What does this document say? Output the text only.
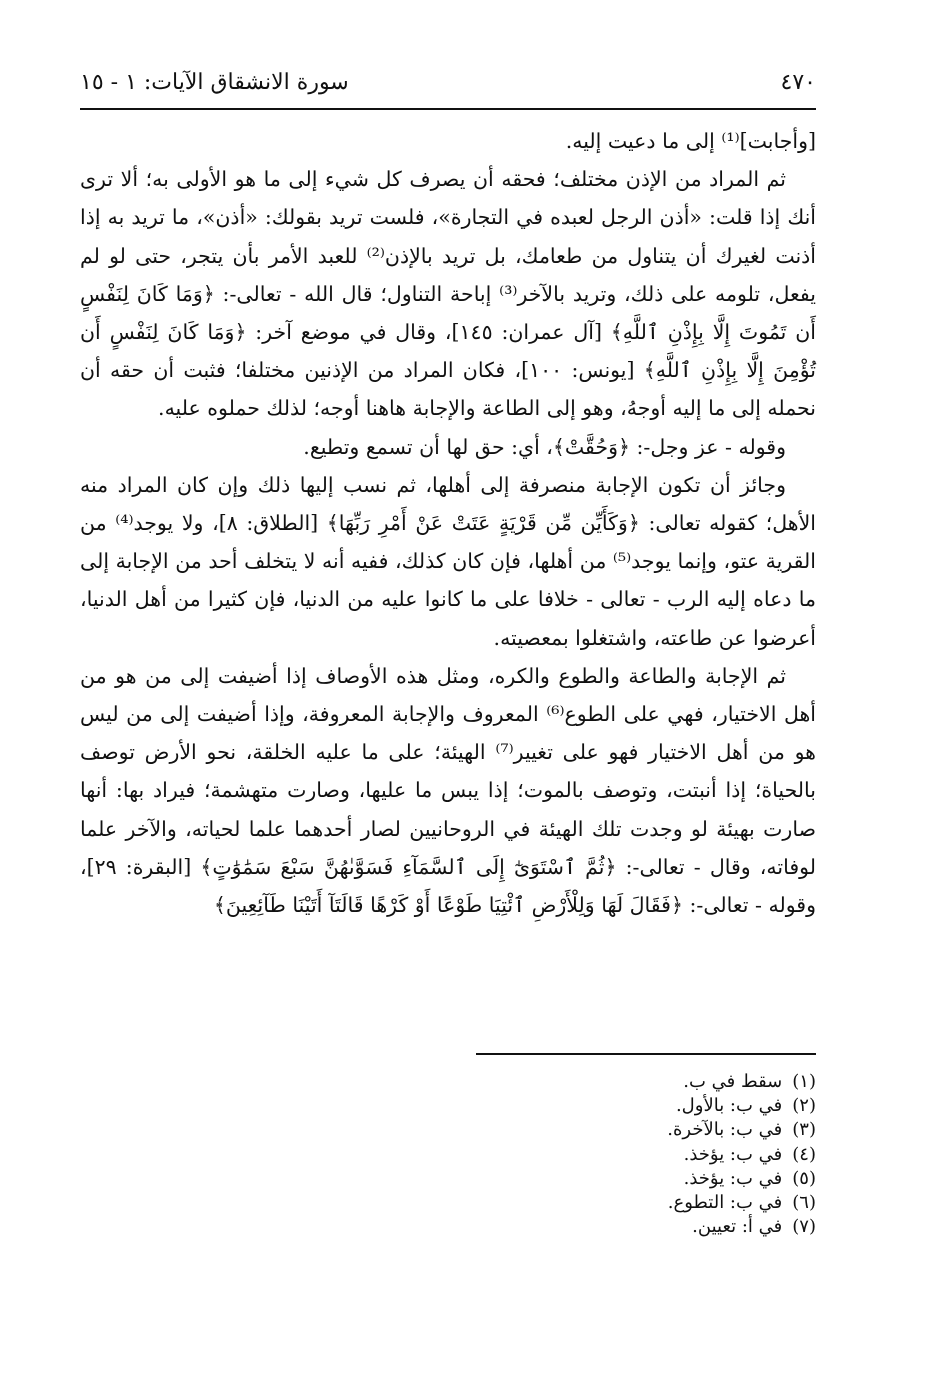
٤٧٠
سورة الانشقاق الآيات: ١ - ١٥

[وأجابت]⁽¹⁾ إلى ما دعيت إليه.

ثم المراد من الإذن مختلف؛ فحقه أن يصرف كل شيء إلى ما هو الأولى به؛ ألا ترى أنك إذا قلت: «أذن الرجل لعبده في التجارة»، فلست تريد بقولك: «أذن»، ما تريد به إذا أذنت لغيرك أن يتناول من طعامك، بل تريد بالإذن⁽²⁾ للعبد الأمر بأن يتجر، حتى لو لم يفعل، تلومه على ذلك، وتريد بالآخر⁽³⁾ إباحة التناول؛ قال الله - تعالى-: ﴿وَمَا كَانَ لِنَفْسٍ أَن تَمُوتَ إِلَّا بِإِذْنِ ٱللَّهِ﴾ [آل عمران: ١٤٥]، وقال في موضع آخر: ﴿وَمَا كَانَ لِنَفْسٍ أَن تُؤْمِنَ إِلَّا بِإِذْنِ ٱللَّهِ﴾ [يونس: ١٠٠]، فكان المراد من الإذنين مختلفا؛ فثبت أن حقه أن نحمله إلى ما إليه أوجهُ، وهو إلى الطاعة والإجابة هاهنا أوجه؛ لذلك حملوه عليه.

وقوله - عز وجل-: ﴿وَحُقَّتْ﴾، أي: حق لها أن تسمع وتطيع.

وجائز أن تكون الإجابة منصرفة إلى أهلها، ثم نسب إليها ذلك وإن كان المراد منه الأهل؛ كقوله تعالى: ﴿وَكَأَيِّن مِّن قَرْيَةٍ عَتَتْ عَنْ أَمْرِ رَبِّهَا﴾ [الطلاق: ٨]، ولا يوجد⁽⁴⁾ من القرية عتو، وإنما يوجد⁽⁵⁾ من أهلها، فإن كان كذلك، ففيه أنه لا يتخلف أحد من الإجابة إلى ما دعاه إليه الرب - تعالى - خلافا على ما كانوا عليه من الدنيا، فإن كثيرا من أهل الدنيا، أعرضوا عن طاعته، واشتغلوا بمعصيته.

ثم الإجابة والطاعة والطوع والكره، ومثل هذه الأوصاف إذا أضيفت إلى من هو من أهل الاختيار، فهي على الطوع⁽⁶⁾ المعروف والإجابة المعروفة، وإذا أضيفت إلى من ليس هو من أهل الاختيار فهو على تغيير⁽⁷⁾ الهيئة؛ على ما عليه الخلقة، نحو الأرض توصف بالحياة؛ إذا أنبتت، وتوصف بالموت؛ إذا يبس ما عليها، وصارت متهشمة؛ فيراد بها: أنها صارت بهيئة لو وجدت تلك الهيئة في الروحانيين لصار أحدهما علما لحياته، والآخر علما لوفاته، وقال - تعالى-: ﴿ثُمَّ ٱسْتَوَىٰٓ إِلَى ٱلسَّمَآءِ فَسَوَّىٰهُنَّ سَبْعَ سَمَٰوَٰتٍ﴾ [البقرة: ٢٩]، وقوله - تعالى-: ﴿فَقَالَ لَهَا وَلِلْأَرْضِ ٱئْتِيَا طَوْعًا أَوْ كَرْهًا قَالَتَآ أَتَيْنَا طَآئِعِينَ﴾

(١)
سقط في ب.
(٢)
في ب: بالأول.
(٣)
في ب: بالآخرة.
(٤)
في ب: يؤخذ.
(٥)
في ب: يؤخذ.
(٦)
في ب: التطوع.
(٧)
في أ: تعيين.
